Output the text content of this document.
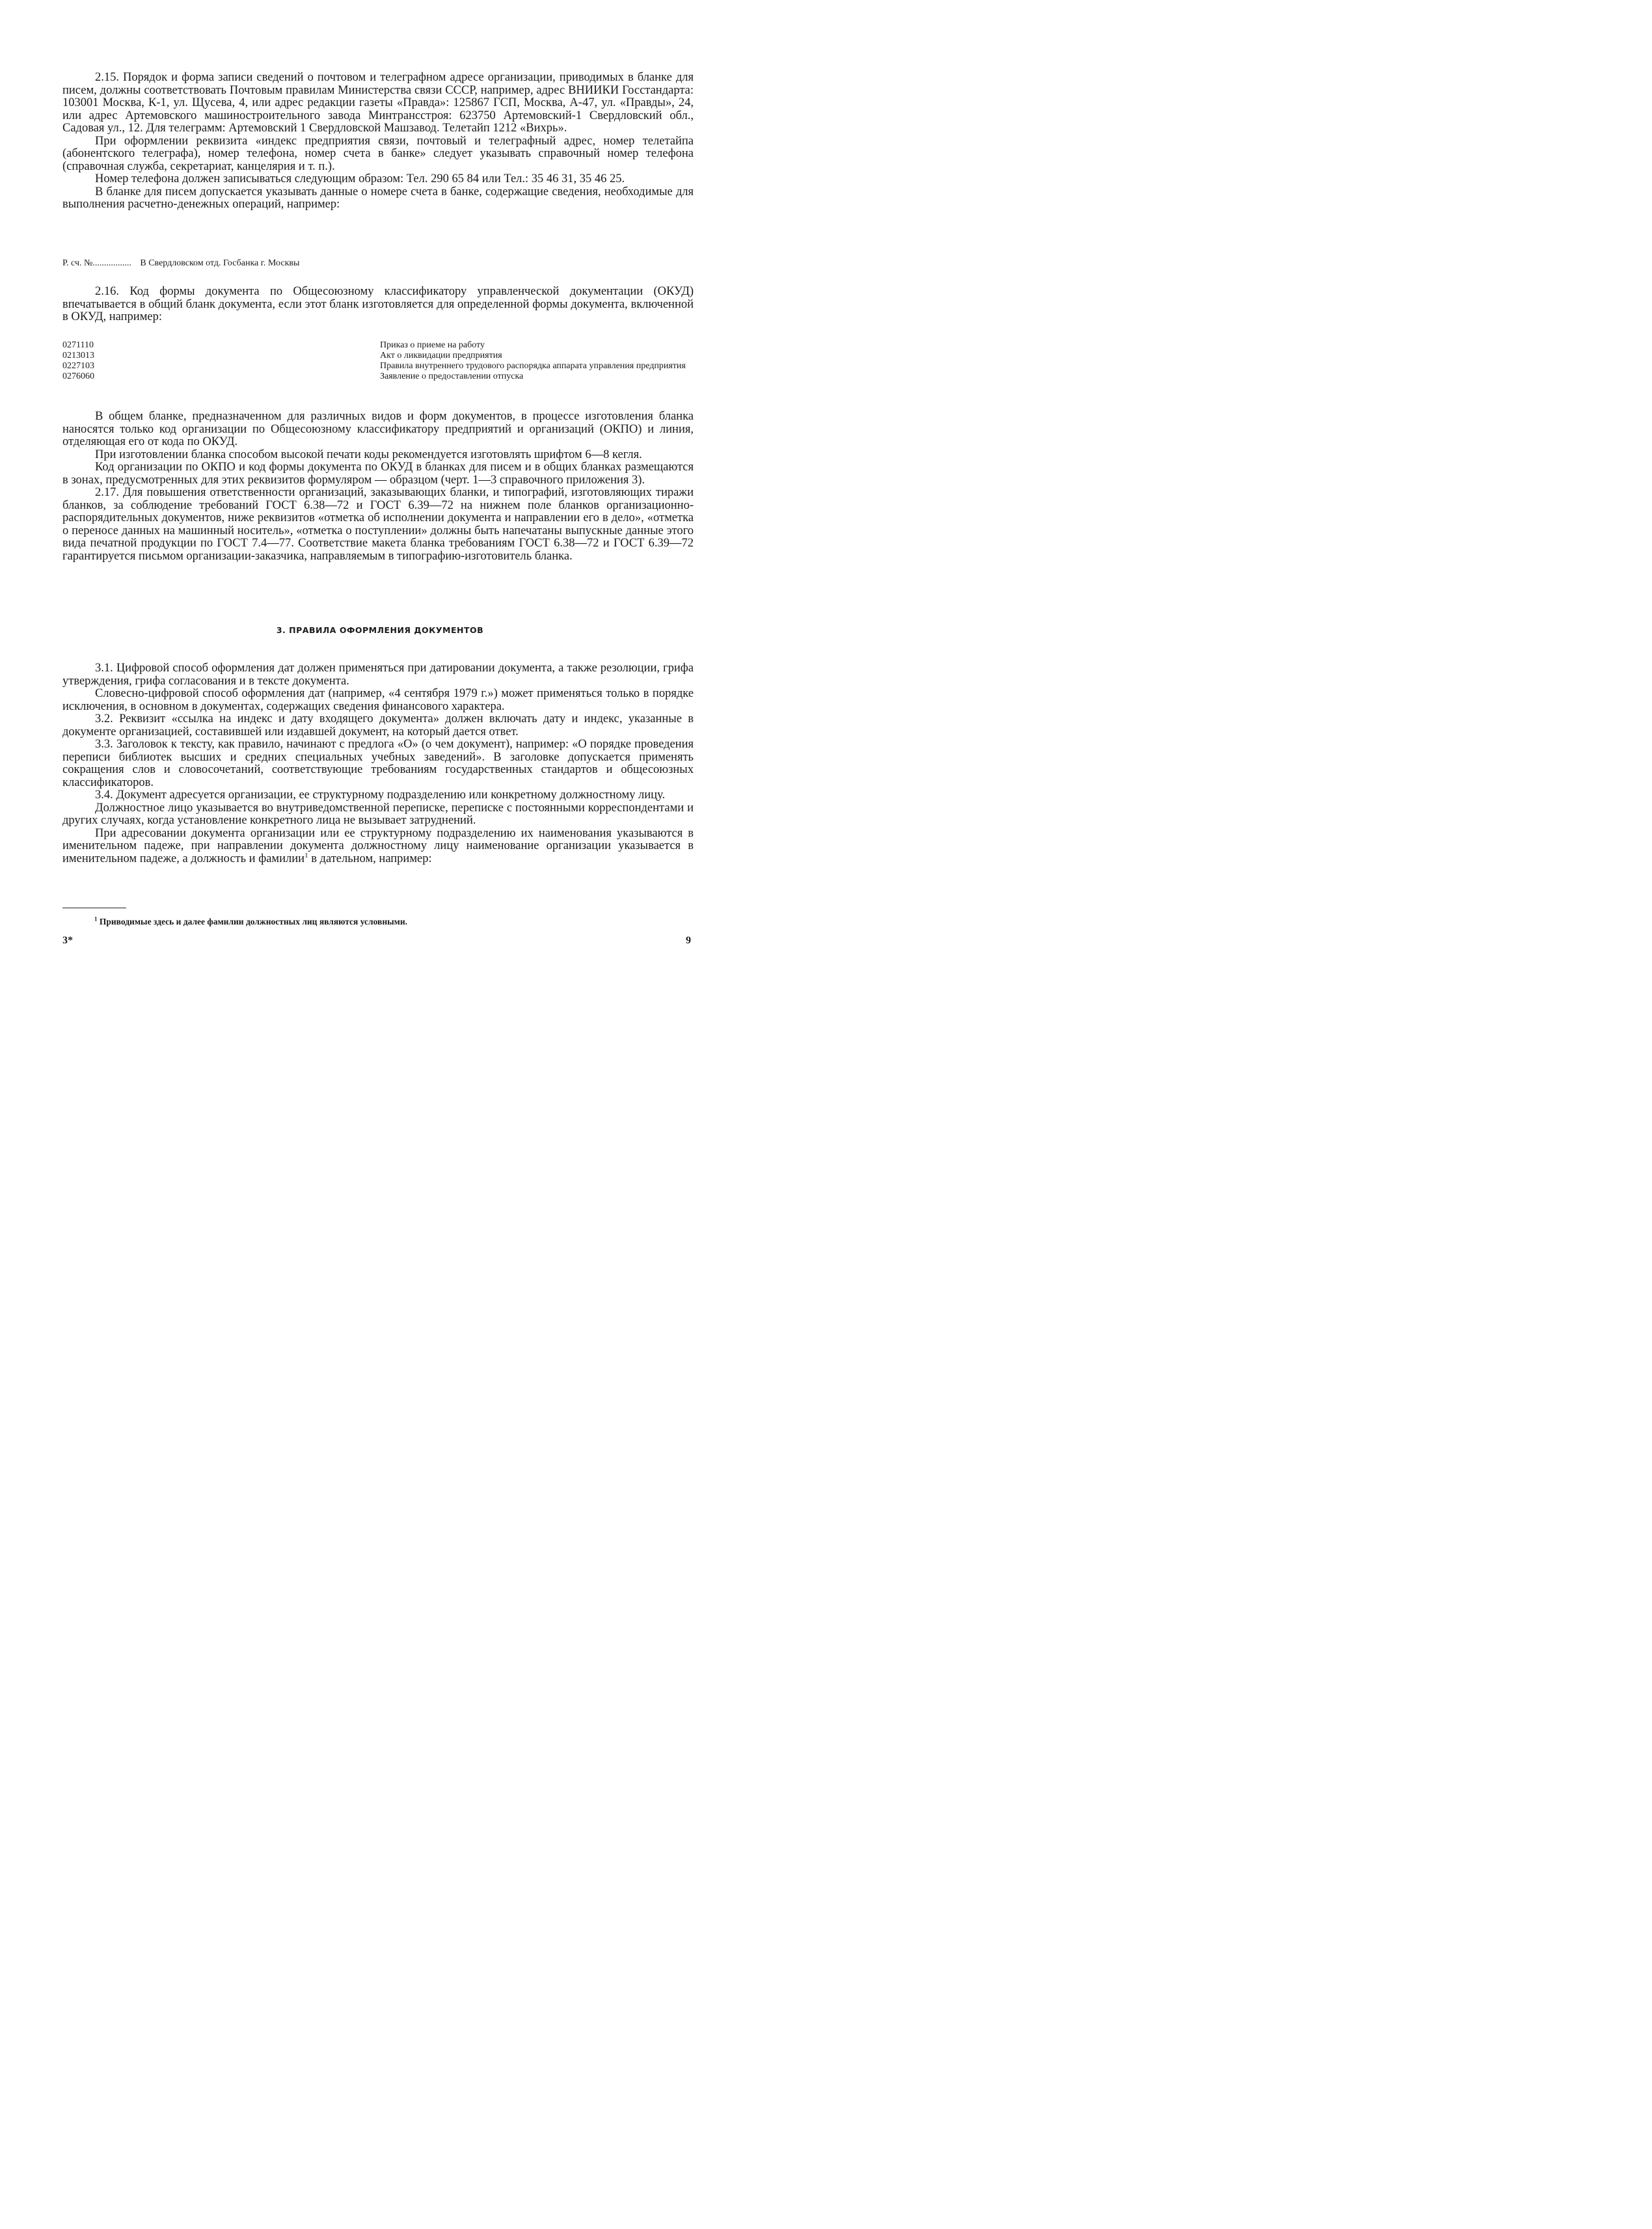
2.15. Порядок и форма записи сведений о почтовом и телеграфном адресе организации, приводимых в бланке для писем, должны соответствовать Почтовым правилам Министерства связи СССР, например, адрес ВНИИКИ Госстандарта: 103001 Москва, К-1, ул. Щусева, 4, или адрес редакции газеты «Правда»: 125867 ГСП, Москва, А-47, ул. «Правды», 24, или адрес Артемовского машиностроительного завода Минтрансстроя: 623750 Артемовский-1 Свердловский обл., Садовая ул., 12. Для телеграмм: Артемовский 1 Свердловской Машзавод. Телетайп 1212 «Вихрь».

При оформлении реквизита «индекс предприятия связи, почтовый и телеграфный адрес, номер телетайпа (абонентского телеграфа), номер телефона, номер счета в банке» следует указывать справочный номер телефона (справочная служба, секретариат, канцелярия и т. п.).

Номер телефона должен записываться следующим образом: Тел. 290 65 84 или Тел.: 35 46 31, 35 46 25.

В бланке для писем допускается указывать данные о номере счета в банке, содержащие сведения, необходимые для выполнения расчетно-денежных операций, например:

Р. сч. №................. В Свердловском отд. Госбанка г. Москвы

2.16. Код формы документа по Общесоюзному классификатору управленческой документации (ОКУД) впечатывается в общий бланк документа, если этот бланк изготовляется для определенной формы документа, включенной в ОКУД, например:

0271110	Приказ о приеме на работу
0213013	Акт о ликвидации предприятия
0227103	Правила внутреннего трудового распорядка аппарата управления предприятия
0276060	Заявление о предоставлении отпуска

В общем бланке, предназначенном для различных видов и форм документов, в процессе изготовления бланка наносятся только код организации по Общесоюзному классификатору предприятий и организаций (ОКПО) и линия, отделяющая его от кода по ОКУД.

При изготовлении бланка способом высокой печати коды рекомендуется изготовлять шрифтом 6—8 кегля.

Код организации по ОКПО и код формы документа по ОКУД в бланках для писем и в общих бланках размещаются в зонах, предусмотренных для этих реквизитов формуляром — образцом (черт. 1—3 справочного приложения 3).

2.17. Для повышения ответственности организаций, заказывающих бланки, и типографий, изготовляющих тиражи бланков, за соблюдение требований ГОСТ 6.38—72 и ГОСТ 6.39—72 на нижнем поле бланков организационно-распорядительных документов, ниже реквизитов «отметка об исполнении документа и направлении его в дело», «отметка о переносе данных на машинный носитель», «отметка о поступлении» должны быть напечатаны выпускные данные этого вида печатной продукции по ГОСТ 7.4—77. Соответствие макета бланка требованиям ГОСТ 6.38—72 и ГОСТ 6.39—72 гарантируется письмом организации-заказчика, направляемым в типографию-изготовитель бланка.

3. ПРАВИЛА ОФОРМЛЕНИЯ ДОКУМЕНТОВ

3.1. Цифровой способ оформления дат должен применяться при датировании документа, а также резолюции, грифа утверждения, грифа согласования и в тексте документа.

Словесно-цифровой способ оформления дат (например, «4 сентября 1979 г.») может применяться только в порядке исключения, в основном в документах, содержащих сведения финансового характера.

3.2. Реквизит «ссылка на индекс и дату входящего документа» должен включать дату и индекс, указанные в документе организацией, составившей или издавшей документ, на который дается ответ.

3.3. Заголовок к тексту, как правило, начинают с предлога «О» (о чем документ), например: «О порядке проведения переписи библиотек высших и средних специальных учебных заведений». В заголовке допускается применять сокращения слов и словосочетаний, соответствующие требованиям государственных стандартов и общесоюзных классификаторов.

3.4. Документ адресуется организации, ее структурному подразделению или конкретному должностному лицу.

Должностное лицо указывается во внутриведомственной переписке, переписке с постоянными корреспондентами и других случаях, когда установление конкретного лица не вызывает затруднений.

При адресовании документа организации или ее структурному подразделению их наименования указываются в именительном падеже, при направлении документа должностному лицу наименование организации указывается в именительном падеже, а должность и фамилии$^1$ в дательном, например:

$^1$ Приводимые здесь и далее фамилии должностных лиц являются условными.
3*	9
